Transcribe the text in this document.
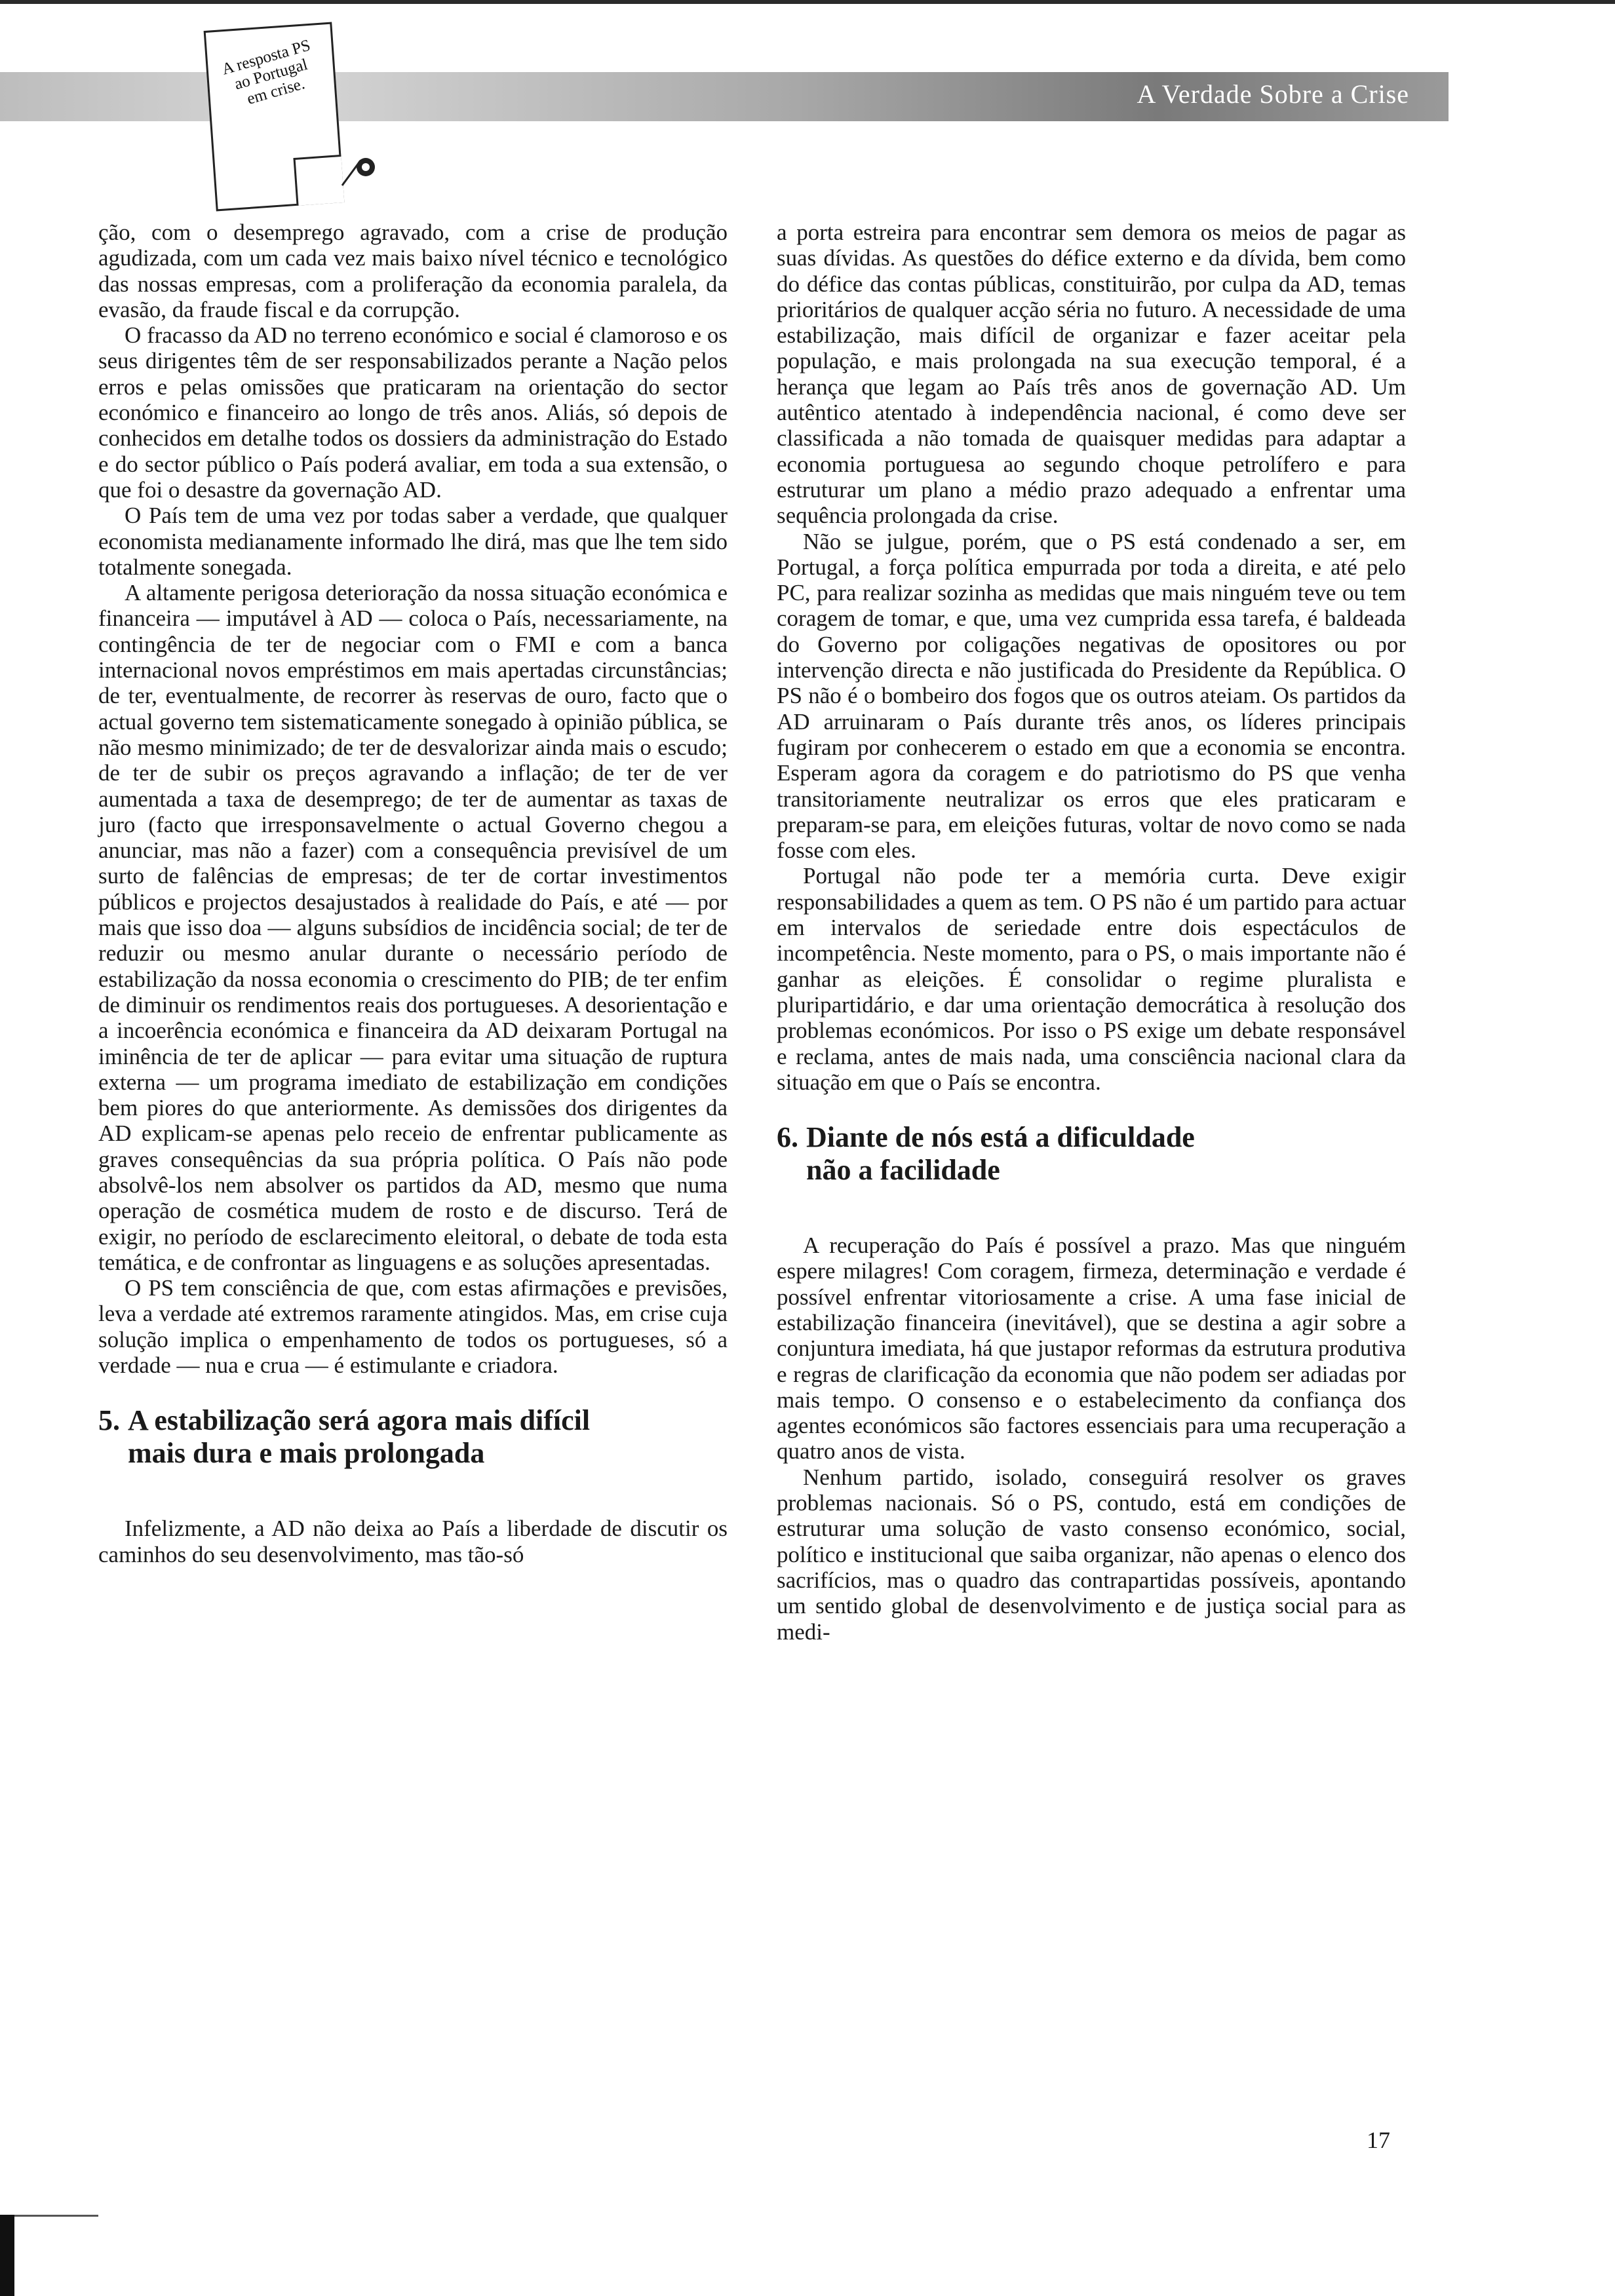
A Verdade Sobre a Crise
A resposta PS ao Portugal em crise.

ção, com o desemprego agravado, com a crise de produção agudizada, com um cada vez mais baixo nível técnico e tecnológico das nossas empresas, com a proliferação da economia paralela, da evasão, da fraude fiscal e da corrupção.

O fracasso da AD no terreno económico e social é clamoroso e os seus dirigentes têm de ser responsabilizados perante a Nação pelos erros e pelas omissões que praticaram na orientação do sector económico e financeiro ao longo de três anos. Aliás, só depois de conhecidos em detalhe todos os dossiers da administração do Estado e do sector público o País poderá avaliar, em toda a sua extensão, o que foi o desastre da governação AD.

O País tem de uma vez por todas saber a verdade, que qualquer economista medianamente informado lhe dirá, mas que lhe tem sido totalmente sonegada.

A altamente perigosa deterioração da nossa situação económica e financeira — imputável à AD — coloca o País, necessariamente, na contingência de ter de negociar com o FMI e com a banca internacional novos empréstimos em mais apertadas circunstâncias; de ter, eventualmente, de recorrer às reservas de ouro, facto que o actual governo tem sistematicamente sonegado à opinião pública, se não mesmo minimizado; de ter de desvalorizar ainda mais o escudo; de ter de subir os preços agravando a inflação; de ter de ver aumentada a taxa de desemprego; de ter de aumentar as taxas de juro (facto que irresponsavelmente o actual Governo chegou a anunciar, mas não a fazer) com a consequência previsível de um surto de falências de empresas; de ter de cortar investimentos públicos e projectos desajustados à realidade do País, e até — por mais que isso doa — alguns subsídios de incidência social; de ter de reduzir ou mesmo anular durante o necessário período de estabilização da nossa economia o crescimento do PIB; de ter enfim de diminuir os rendimentos reais dos portugueses. A desorientação e a incoerência económica e financeira da AD deixaram Portugal na iminência de ter de aplicar — para evitar uma situação de ruptura externa — um programa imediato de estabilização em condições bem piores do que anteriormente. As demissões dos dirigentes da AD explicam-se apenas pelo receio de enfrentar publicamente as graves consequências da sua própria política. O País não pode absolvê-los nem absolver os partidos da AD, mesmo que numa operação de cosmética mudem de rosto e de discurso. Terá de exigir, no período de esclarecimento eleitoral, o debate de toda esta temática, e de confrontar as linguagens e as soluções apresentadas.

O PS tem consciência de que, com estas afirmações e previsões, leva a verdade até extremos raramente atingidos. Mas, em crise cuja solução implica o empenhamento de todos os portugueses, só a verdade — nua e crua — é estimulante e criadora.

5. A estabilização será agora mais difícil
mais dura e mais prolongada

Infelizmente, a AD não deixa ao País a liberdade de discutir os caminhos do seu desenvolvimento, mas tão-só

a porta estreira para encontrar sem demora os meios de pagar as suas dívidas. As questões do défice externo e da dívida, bem como do défice das contas públicas, constituirão, por culpa da AD, temas prioritários de qualquer acção séria no futuro. A necessidade de uma estabilização, mais difícil de organizar e fazer aceitar pela população, e mais prolongada na sua execução temporal, é a herança que legam ao País três anos de governação AD. Um autêntico atentado à independência nacional, é como deve ser classificada a não tomada de quaisquer medidas para adaptar a economia portuguesa ao segundo choque petrolífero e para estruturar um plano a médio prazo adequado a enfrentar uma sequência prolongada da crise.

Não se julgue, porém, que o PS está condenado a ser, em Portugal, a força política empurrada por toda a direita, e até pelo PC, para realizar sozinha as medidas que mais ninguém teve ou tem coragem de tomar, e que, uma vez cumprida essa tarefa, é baldeada do Governo por coligações negativas de opositores ou por intervenção directa e não justificada do Presidente da República. O PS não é o bombeiro dos fogos que os outros ateiam. Os partidos da AD arruinaram o País durante três anos, os líderes principais fugiram por conhecerem o estado em que a economia se encontra. Esperam agora da coragem e do patriotismo do PS que venha transitoriamente neutralizar os erros que eles praticaram e preparam-se para, em eleições futuras, voltar de novo como se nada fosse com eles.

Portugal não pode ter a memória curta. Deve exigir responsabilidades a quem as tem. O PS não é um partido para actuar em intervalos de seriedade entre dois espectáculos de incompetência. Neste momento, para o PS, o mais importante não é ganhar as eleições. É consolidar o regime pluralista e pluripartidário, e dar uma orientação democrática à resolução dos problemas económicos. Por isso o PS exige um debate responsável e reclama, antes de mais nada, uma consciência nacional clara da situação em que o País se encontra.

6. Diante de nós está a dificuldade
não a facilidade

A recuperação do País é possível a prazo. Mas que ninguém espere milagres! Com coragem, firmeza, determinação e verdade é possível enfrentar vitoriosamente a crise. A uma fase inicial de estabilização financeira (inevitável), que se destina a agir sobre a conjuntura imediata, há que justapor reformas da estrutura produtiva e regras de clarificação da economia que não podem ser adiadas por mais tempo. O consenso e o estabelecimento da confiança dos agentes económicos são factores essenciais para uma recuperação a quatro anos de vista.

Nenhum partido, isolado, conseguirá resolver os graves problemas nacionais. Só o PS, contudo, está em condições de estruturar uma solução de vasto consenso económico, social, político e institucional que saiba organizar, não apenas o elenco dos sacrifícios, mas o quadro das contrapartidas possíveis, apontando um sentido global de desenvolvimento e de justiça social para as medi-

17
